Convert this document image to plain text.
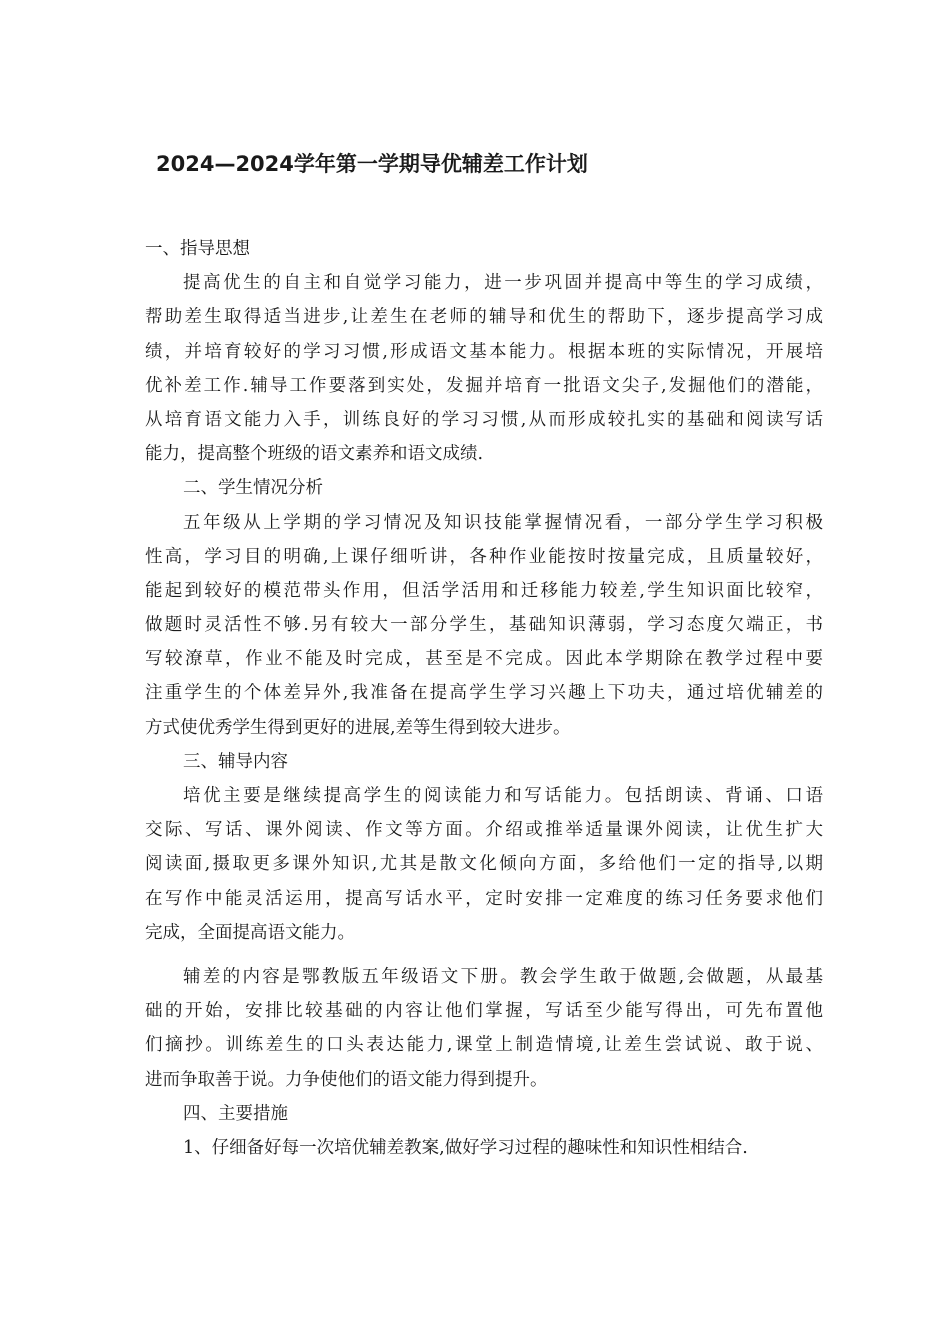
2024—2024学年第一学期导优辅差工作计划

一、指导思想

提高优生的自主和自觉学习能力，进一步巩固并提高中等生的学习成绩，

帮助差生取得适当进步,让差生在老师的辅导和优生的帮助下，逐步提高学习成

绩，并培育较好的学习习惯,形成语文基本能力。根据本班的实际情况，开展培

优补差工作.辅导工作要落到实处，发掘并培育一批语文尖子,发掘他们的潜能，

从培育语文能力入手，训练良好的学习习惯,从而形成较扎实的基础和阅读写话

能力，提高整个班级的语文素养和语文成绩.

二、学生情况分析

五年级从上学期的学习情况及知识技能掌握情况看，一部分学生学习积极

性高，学习目的明确,上课仔细听讲，各种作业能按时按量完成，且质量较好，

能起到较好的模范带头作用，但活学活用和迁移能力较差,学生知识面比较窄，

做题时灵活性不够.另有较大一部分学生，基础知识薄弱，学习态度欠端正，书

写较潦草，作业不能及时完成，甚至是不完成。因此本学期除在教学过程中要

注重学生的个体差异外,我准备在提高学生学习兴趣上下功夫，通过培优辅差的

方式使优秀学生得到更好的进展,差等生得到较大进步。

三、辅导内容

培优主要是继续提高学生的阅读能力和写话能力。包括朗读、背诵、口语

交际、写话、课外阅读、作文等方面。介绍或推举适量课外阅读，让优生扩大

阅读面,摄取更多课外知识,尤其是散文化倾向方面，多给他们一定的指导,以期

在写作中能灵活运用，提高写话水平，定时安排一定难度的练习任务要求他们

完成，全面提高语文能力。

辅差的内容是鄂教版五年级语文下册。教会学生敢于做题,会做题，从最基

础的开始，安排比较基础的内容让他们掌握，写话至少能写得出，可先布置他

们摘抄。训练差生的口头表达能力,课堂上制造情境,让差生尝试说、敢于说、

进而争取善于说。力争使他们的语文能力得到提升。

四、主要措施

1、仔细备好每一次培优辅差教案,做好学习过程的趣味性和知识性相结合.
